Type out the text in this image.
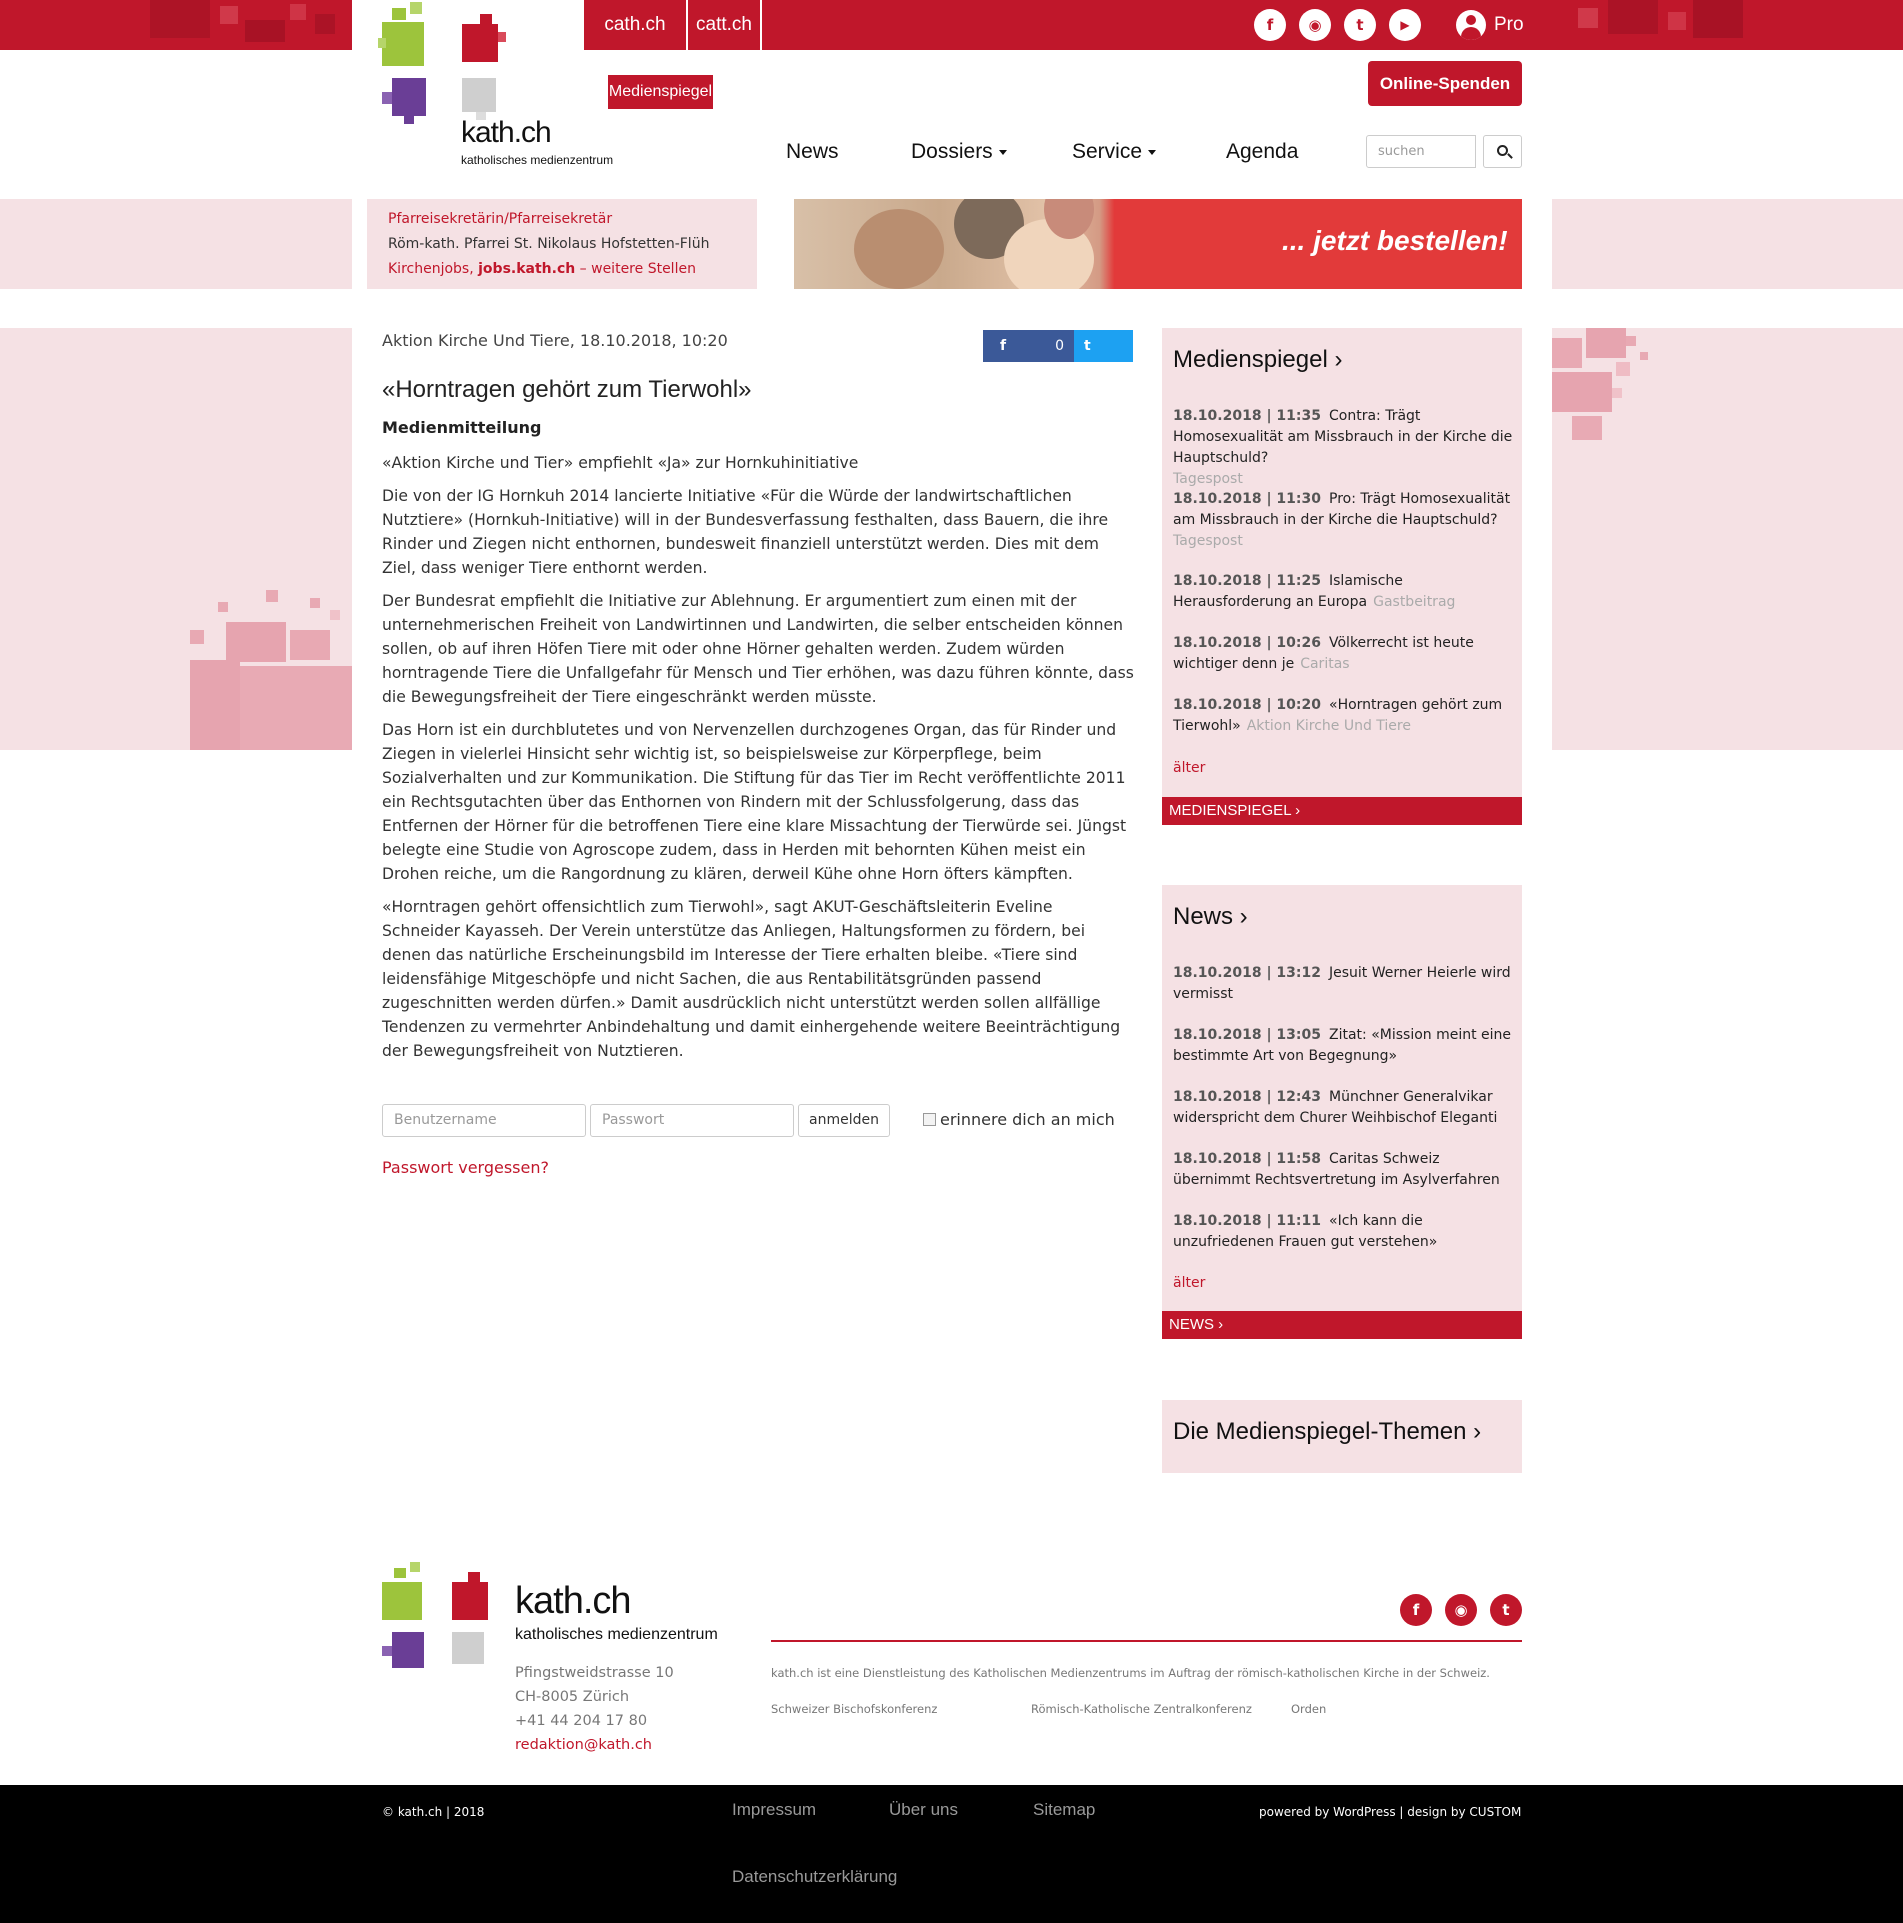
cath.ch	catt.ch	f	◉	t	▶	Pro
kath.ch
katholisches medienzentrum
Medienspiegel	Online-Spenden
News	Dossiers	Service	Agenda	suchen
Pfarreisekretärin/Pfarreisekretär
Röm-kath. Pfarrei St. Nikolaus Hofstetten-Flüh
Kirchenjobs, jobs.kath.ch – weitere Stellen
... jetzt bestellen!
Aktion Kirche Und Tiere, 18.10.2018, 10:20	f	0 t
«Horntragen gehört zum Tierwohl»
Medienmitteilung

«Aktion Kirche und Tier» empfiehlt «Ja» zur Hornkuhinitiative

Die von der IG Hornkuh 2014 lancierte Initiative «Für die Würde der landwirtschaftlichen Nutztiere» (Hornkuh-Initiative) will in der Bundesverfassung festhalten, dass Bauern, die ihre Rinder und Ziegen nicht enthornen, bundesweit finanziell unterstützt werden. Dies mit dem Ziel, dass weniger Tiere enthornt werden.

Der Bundesrat empfiehlt die Initiative zur Ablehnung. Er argumentiert zum einen mit der unternehmerischen Freiheit von Landwirtinnen und Landwirten, die selber entscheiden können sollen, ob auf ihren Höfen Tiere mit oder ohne Hörner gehalten werden. Zudem würden horntragende Tiere die Unfallgefahr für Mensch und Tier erhöhen, was dazu führen könnte, dass die Bewegungsfreiheit der Tiere eingeschränkt werden müsste.

Das Horn ist ein durchblutetes und von Nervenzellen durchzogenes Organ, das für Rinder und Ziegen in vielerlei Hinsicht sehr wichtig ist, so beispielsweise zur Körperpflege, beim Sozialverhalten und zur Kommunikation. Die Stiftung für das Tier im Recht veröffentlichte 2011 ein Rechtsgutachten über das Enthornen von Rindern mit der Schlussfolgerung, dass das Entfernen der Hörner für die betroffenen Tiere eine klare Missachtung der Tierwürde sei. Jüngst belegte eine Studie von Agroscope zudem, dass in Herden mit behornten Kühen meist ein Drohen reiche, um die Rangordnung zu klären, derweil Kühe ohne Horn öfters kämpften.

«Horntragen gehört offensichtlich zum Tierwohl», sagt AKUT-Geschäftsleiterin Eveline Schneider Kayasseh. Der Verein unterstütze das Anliegen, Haltungsformen zu fördern, bei denen das natürliche Erscheinungsbild im Interesse der Tiere erhalten bleibe. «Tiere sind leidensfähige Mitgeschöpfe und nicht Sachen, die aus Rentabilitätsgründen passend zugeschnitten werden dürfen.» Damit ausdrücklich nicht unterstützt werden sollen allfällige Tendenzen zu vermehrter Anbindehaltung und damit einhergehende weitere Beeinträchtigung der Bewegungsfreiheit von Nutztieren.

Benutzername	Passwort	anmelden	erinnere dich an mich
Passwort vergessen?
Medienspiegel ›
18.10.2018 | 11:35 Contra: Trägt Homosexualität am Missbrauch in der Kirche die Hauptschuld?
Tagespost
18.10.2018 | 11:30 Pro: Trägt Homosexualität am Missbrauch in der Kirche die Hauptschuld?
Tagespost
18.10.2018 | 11:25 Islamische Herausforderung an Europa Gastbeitrag
18.10.2018 | 10:26 Völkerrecht ist heute wichtiger denn je Caritas
18.10.2018 | 10:20 «Horntragen gehört zum Tierwohl» Aktion Kirche Und Tiere
älter
MEDIENSPIEGEL ›
News ›
18.10.2018 | 13:12 Jesuit Werner Heierle wird vermisst
18.10.2018 | 13:05 Zitat: «Mission meint eine bestimmte Art von Begegnung»
18.10.2018 | 12:43 Münchner Generalvikar widerspricht dem Churer Weihbischof Eleganti
18.10.2018 | 11:58 Caritas Schweiz übernimmt Rechtsvertretung im Asylverfahren
18.10.2018 | 11:11 «Ich kann die unzufriedenen Frauen gut verstehen»
älter
NEWS ›
Die Medienspiegel-Themen ›
kath.ch
katholisches medienzentrum
Pfingstweidstrasse 10
CH-8005 Zürich
+41 44 204 17 80
redaktion@kath.ch
f	◉	t
kath.ch ist eine Dienstleistung des Katholischen Medienzentrums im Auftrag der römisch-katholischen Kirche in der Schweiz.
Schweizer Bischofskonferenz	Römisch-Katholische Zentralkonferenz	Orden
© kath.ch | 2018	Impressum	Über uns	Sitemap
Datenschutzerklärung
powered by WordPress | design by CUSTOM
